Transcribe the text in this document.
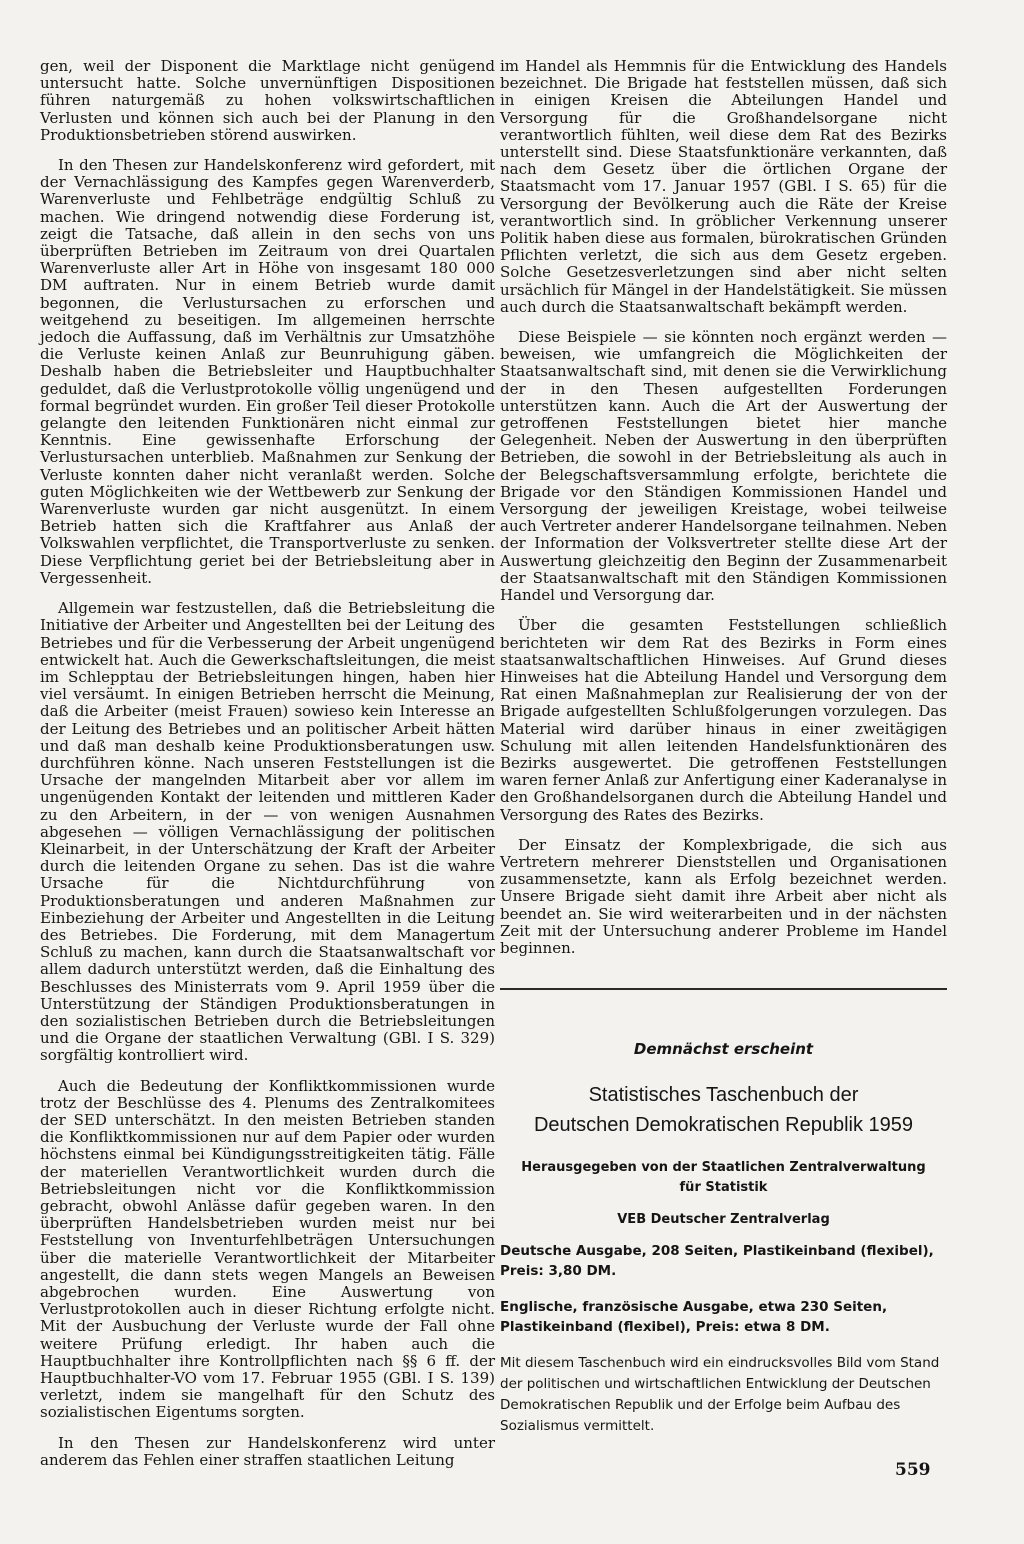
gen, weil der Disponent die Marktlage nicht genügend untersucht hatte. Solche unvernünftigen Dispositionen führen naturgemäß zu hohen volkswirtschaftlichen Verlusten und können sich auch bei der Planung in den Produktionsbetrieben störend auswirken.

In den Thesen zur Handelskonferenz wird gefordert, mit der Vernachlässigung des Kampfes gegen Warenverderb, Warenverluste und Fehlbeträge endgültig Schluß zu machen. Wie dringend notwendig diese Forderung ist, zeigt die Tatsache, daß allein in den sechs von uns überprüften Betrieben im Zeitraum von drei Quartalen Warenverluste aller Art in Höhe von insgesamt 180 000 DM auftraten. Nur in einem Betrieb wurde damit begonnen, die Verlustursachen zu erforschen und weitgehend zu beseitigen. Im allgemeinen herrschte jedoch die Auffassung, daß im Verhältnis zur Umsatzhöhe die Verluste keinen Anlaß zur Beunruhigung gäben. Deshalb haben die Betriebsleiter und Hauptbuchhalter geduldet, daß die Verlustprotokolle völlig ungenügend und formal begründet wurden. Ein großer Teil dieser Protokolle gelangte den leitenden Funktionären nicht einmal zur Kenntnis. Eine gewissenhafte Erforschung der Verlustursachen unterblieb. Maßnahmen zur Senkung der Verluste konnten daher nicht veranlaßt werden. Solche guten Möglichkeiten wie der Wettbewerb zur Senkung der Warenverluste wurden gar nicht ausgenützt. In einem Betrieb hatten sich die Kraftfahrer aus Anlaß der Volkswahlen verpflichtet, die Transportverluste zu senken. Diese Verpflichtung geriet bei der Betriebsleitung aber in Vergessenheit.

Allgemein war festzustellen, daß die Betriebsleitung die Initiative der Arbeiter und Angestellten bei der Leitung des Betriebes und für die Verbesserung der Arbeit ungenügend entwickelt hat. Auch die Gewerkschaftsleitungen, die meist im Schlepptau der Betriebsleitungen hingen, haben hier viel versäumt. In einigen Betrieben herrscht die Meinung, daß die Arbeiter (meist Frauen) sowieso kein Interesse an der Leitung des Betriebes und an politischer Arbeit hätten und daß man deshalb keine Produktionsberatungen usw. durchführen könne. Nach unseren Feststellungen ist die Ursache der mangelnden Mitarbeit aber vor allem im ungenügenden Kontakt der leitenden und mittleren Kader zu den Arbeitern, in der — von wenigen Ausnahmen abgesehen — völligen Vernachlässigung der politischen Kleinarbeit, in der Unterschätzung der Kraft der Arbeiter durch die leitenden Organe zu sehen. Das ist die wahre Ursache für die Nichtdurchführung von Produktionsberatungen und anderen Maßnahmen zur Einbeziehung der Arbeiter und Angestellten in die Leitung des Betriebes. Die Forderung, mit dem Managertum Schluß zu machen, kann durch die Staatsanwaltschaft vor allem dadurch unterstützt werden, daß die Einhaltung des Beschlusses des Ministerrats vom 9. April 1959 über die Unterstützung der Ständigen Produktionsberatungen in den sozialistischen Betrieben durch die Betriebsleitungen und die Organe der staatlichen Verwaltung (GBl. I S. 329) sorgfältig kontrolliert wird.

Auch die Bedeutung der Konfliktkommissionen wurde trotz der Beschlüsse des 4. Plenums des Zentralkomitees der SED unterschätzt. In den meisten Betrieben standen die Konfliktkommissionen nur auf dem Papier oder wurden höchstens einmal bei Kündigungsstreitigkeiten tätig. Fälle der materiellen Verantwortlichkeit wurden durch die Betriebsleitungen nicht vor die Konfliktkommission gebracht, obwohl Anlässe dafür gegeben waren. In den überprüften Handelsbetrieben wurden meist nur bei Feststellung von Inventurfehlbeträgen Untersuchungen über die materielle Verantwortlichkeit der Mitarbeiter angestellt, die dann stets wegen Mangels an Beweisen abgebrochen wurden. Eine Auswertung von Verlustprotokollen auch in dieser Richtung erfolgte nicht. Mit der Ausbuchung der Verluste wurde der Fall ohne weitere Prüfung erledigt. Ihr haben auch die Hauptbuchhalter ihre Kontrollpflichten nach §§ 6 ff. der Hauptbuchhalter-VO vom 17. Februar 1955 (GBl. I S. 139) verletzt, indem sie mangelhaft für den Schutz des sozialistischen Eigentums sorgten.

In den Thesen zur Handelskonferenz wird unter anderem das Fehlen einer straffen staatlichen Leitung

im Handel als Hemmnis für die Entwicklung des Handels bezeichnet. Die Brigade hat feststellen müssen, daß sich in einigen Kreisen die Abteilungen Handel und Versorgung für die Großhandelsorgane nicht verantwortlich fühlten, weil diese dem Rat des Bezirks unterstellt sind. Diese Staatsfunktionäre verkannten, daß nach dem Gesetz über die örtlichen Organe der Staatsmacht vom 17. Januar 1957 (GBl. I S. 65) für die Versorgung der Bevölkerung auch die Räte der Kreise verantwortlich sind. In gröblicher Verkennung unserer Politik haben diese aus formalen, bürokratischen Gründen Pflichten verletzt, die sich aus dem Gesetz ergeben. Solche Gesetzesverletzungen sind aber nicht selten ursächlich für Mängel in der Handelstätigkeit. Sie müssen auch durch die Staatsanwaltschaft bekämpft werden.

Diese Beispiele — sie könnten noch ergänzt werden — beweisen, wie umfangreich die Möglichkeiten der Staatsanwaltschaft sind, mit denen sie die Verwirklichung der in den Thesen aufgestellten Forderungen unterstützen kann. Auch die Art der Auswertung der getroffenen Feststellungen bietet hier manche Gelegenheit. Neben der Auswertung in den überprüften Betrieben, die sowohl in der Betriebsleitung als auch in der Belegschaftsversammlung erfolgte, berichtete die Brigade vor den Ständigen Kommissionen Handel und Versorgung der jeweiligen Kreistage, wobei teilweise auch Vertreter anderer Handelsorgane teilnahmen. Neben der Information der Volksvertreter stellte diese Art der Auswertung gleichzeitig den Beginn der Zusammenarbeit der Staatsanwaltschaft mit den Ständigen Kommissionen Handel und Versorgung dar.

Über die gesamten Feststellungen schließlich berichteten wir dem Rat des Bezirks in Form eines staatsanwaltschaftlichen Hinweises. Auf Grund dieses Hinweises hat die Abteilung Handel und Versorgung dem Rat einen Maßnahmeplan zur Realisierung der von der Brigade aufgestellten Schlußfolgerungen vorzulegen. Das Material wird darüber hinaus in einer zweitägigen Schulung mit allen leitenden Handelsfunktionären des Bezirks ausgewertet. Die getroffenen Feststellungen waren ferner Anlaß zur Anfertigung einer Kaderanalyse in den Großhandelsorganen durch die Abteilung Handel und Versorgung des Rates des Bezirks.

Der Einsatz der Komplexbrigade, die sich aus Vertretern mehrerer Dienststellen und Organisationen zusammensetzte, kann als Erfolg bezeichnet werden. Unsere Brigade sieht damit ihre Arbeit aber nicht als beendet an. Sie wird weiterarbeiten und in der nächsten Zeit mit der Untersuchung anderer Probleme im Handel beginnen.

Demnächst erscheint
Statistisches Taschenbuch der
Deutschen Demokratischen Republik 1959
Herausgegeben von der Staatlichen Zentralverwaltung
für Statistik
VEB Deutscher Zentralverlag
Deutsche Ausgabe, 208 Seiten, Plastikeinband (flexibel), Preis: 3,80 DM.
Englische, französische Ausgabe, etwa 230 Seiten, Plastikeinband (flexibel), Preis: etwa 8 DM.
Mit diesem Taschenbuch wird ein eindrucksvolles Bild vom Stand der politischen und wirtschaftlichen Entwicklung der Deutschen Demokratischen Republik und der Erfolge beim Aufbau des Sozialismus vermittelt.
559
